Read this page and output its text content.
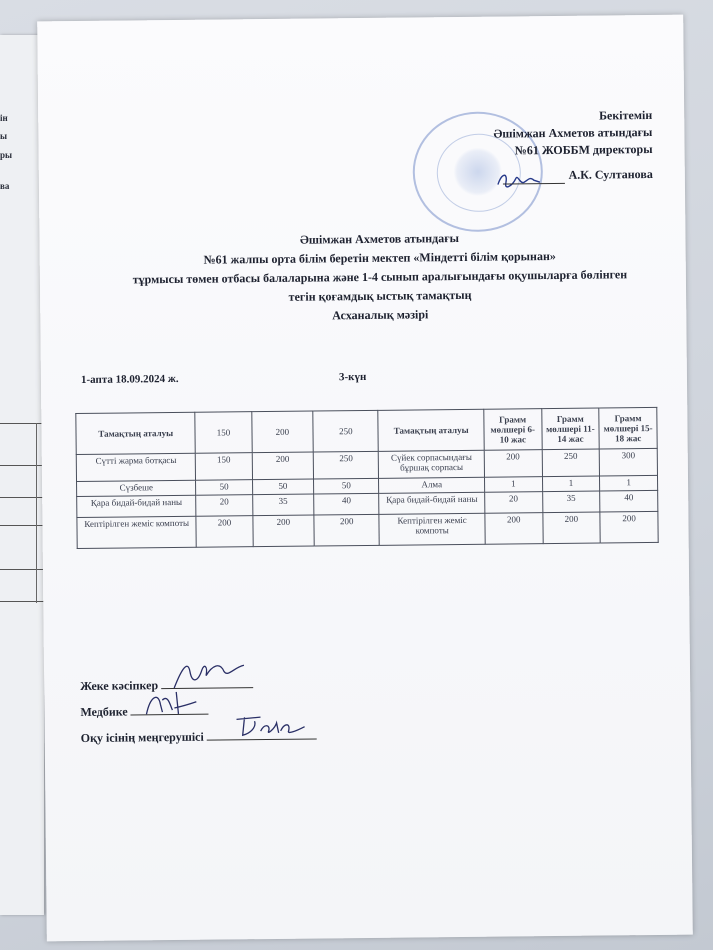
ін
ы
ры
ва
Бекітемін
Әшімжан Ахметов атындағы
№61 ЖОББМ директоры
А.К. Султанова
Әшімжан Ахметов атындағы
№61 жалпы орта білім беретін мектеп «Міндетті білім қорынан»
тұрмысы төмен отбасы балаларына және 1-4 сынып аралығындағы оқушыларға бөлінген
тегін қоғамдық ыстық тамақтың
Асханалық мәзірі
1-апта 18.09.2024 ж.	3-күн
Тамақтың аталуы	150	200	250	Тамақтың аталуы	Грамм мөлшері 6-10 жас	Грамм мөлшері 11-14 жас	Грамм мөлшері 15-18 жас
Сүтті жарма ботқасы	150	200	250	Сүйек сорпасындағы бұршақ сорпасы	200	250	300
Сүзбеше	50	50	50	Алма	1	1	1
Қара бидай-бидай наны	20	35	40	Қара бидай-бидай наны	20	35	40
Кептірілген жеміс компоты	200	200	200	Кептірілген жеміс компоты	200	200	200
Жеке кәсіпкер
Медбике
Оқу ісінің меңгерушісі
